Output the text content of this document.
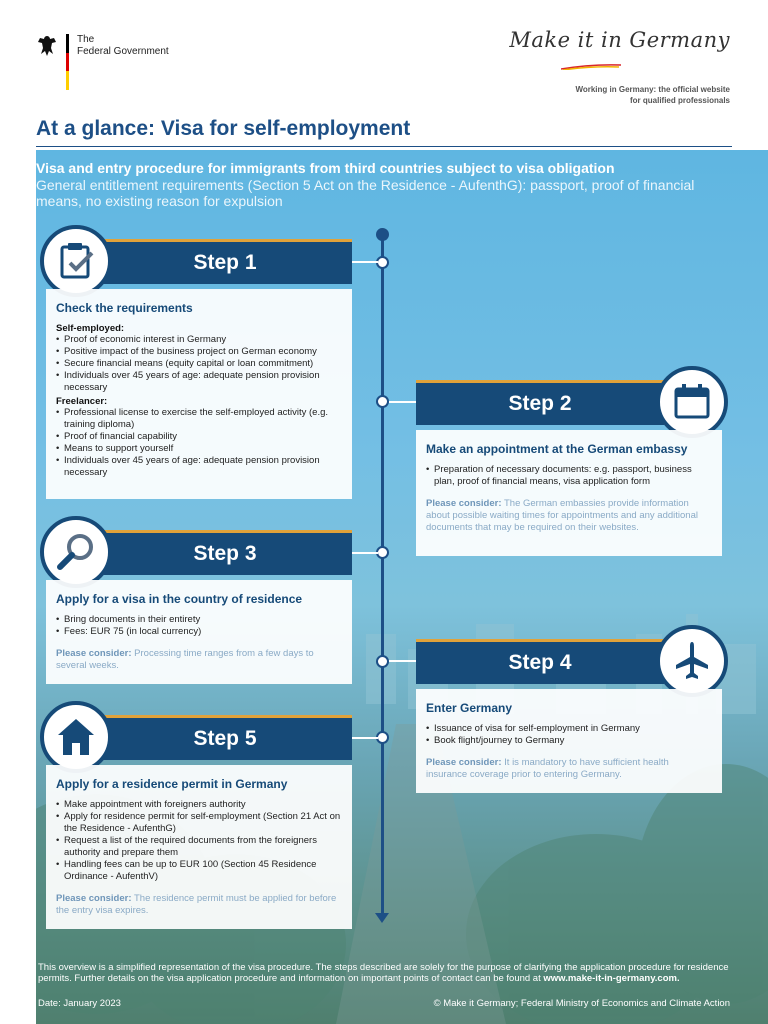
The
Federal Government	Make it in Germany
Working in Germany: the official website
for qualified professionals
At a glance: Visa for self-employment
Visa and entry procedure for immigrants from third countries subject to visa obligation
General entitlement requirements (Section 5 Act on the Residence - AufenthG): passport, proof of financial means, no existing reason for expulsion
Step 1
Check the requirements
Self-employed:
• Proof of economic interest in Germany
• Positive impact of the business project on German economy
• Secure financial means (equity capital or loan commitment)
• Individuals over 45 years of age: adequate pension provision necessary
Freelancer:
• Professional license to exercise the self-employed activity (e.g. training diploma)
• Proof of financial capability
• Means to support yourself
• Individuals over 45 years of age: adequate pension provision necessary
Step 2
Make an appointment at the German embassy
• Preparation of necessary documents: e.g. passport, business plan, proof of financial means, visa application form
Please consider: The German embassies provide information about possible waiting times for appointments and any additional documents that may be required on their websites.
Step 3
Apply for a visa in the country of residence
• Bring documents in their entirety
• Fees: EUR 75 (in local currency)
Please consider: Processing time ranges from a few days to several weeks.	Step 4
Enter Germany
• Issuance of visa for self-employment in Germany
• Book flight/journey to Germany
Please consider: It is mandatory to have sufficient health insurance coverage prior to entering Germany.
Step 5
Apply for a residence permit in Germany
• Make appointment with foreigners authority
• Apply for residence permit for self-employment (Section 21 Act on the Residence - AufenthG)
• Request a list of the required documents from the foreigners authority and prepare them
• Handling fees can be up to EUR 100 (Section 45 Residence Ordinance - AufenthV)
Please consider: The residence permit must be applied for before the entry visa expires.
This overview is a simplified representation of the visa procedure. The steps described are solely for the purpose of clarifying the application procedure for residence permits. Further details on the visa application procedure and information on important points of contact can be found at www.make-it-in-germany.com.
Date: January 2023	© Make it Germany; Federal Ministry of Economics and Climate Action
